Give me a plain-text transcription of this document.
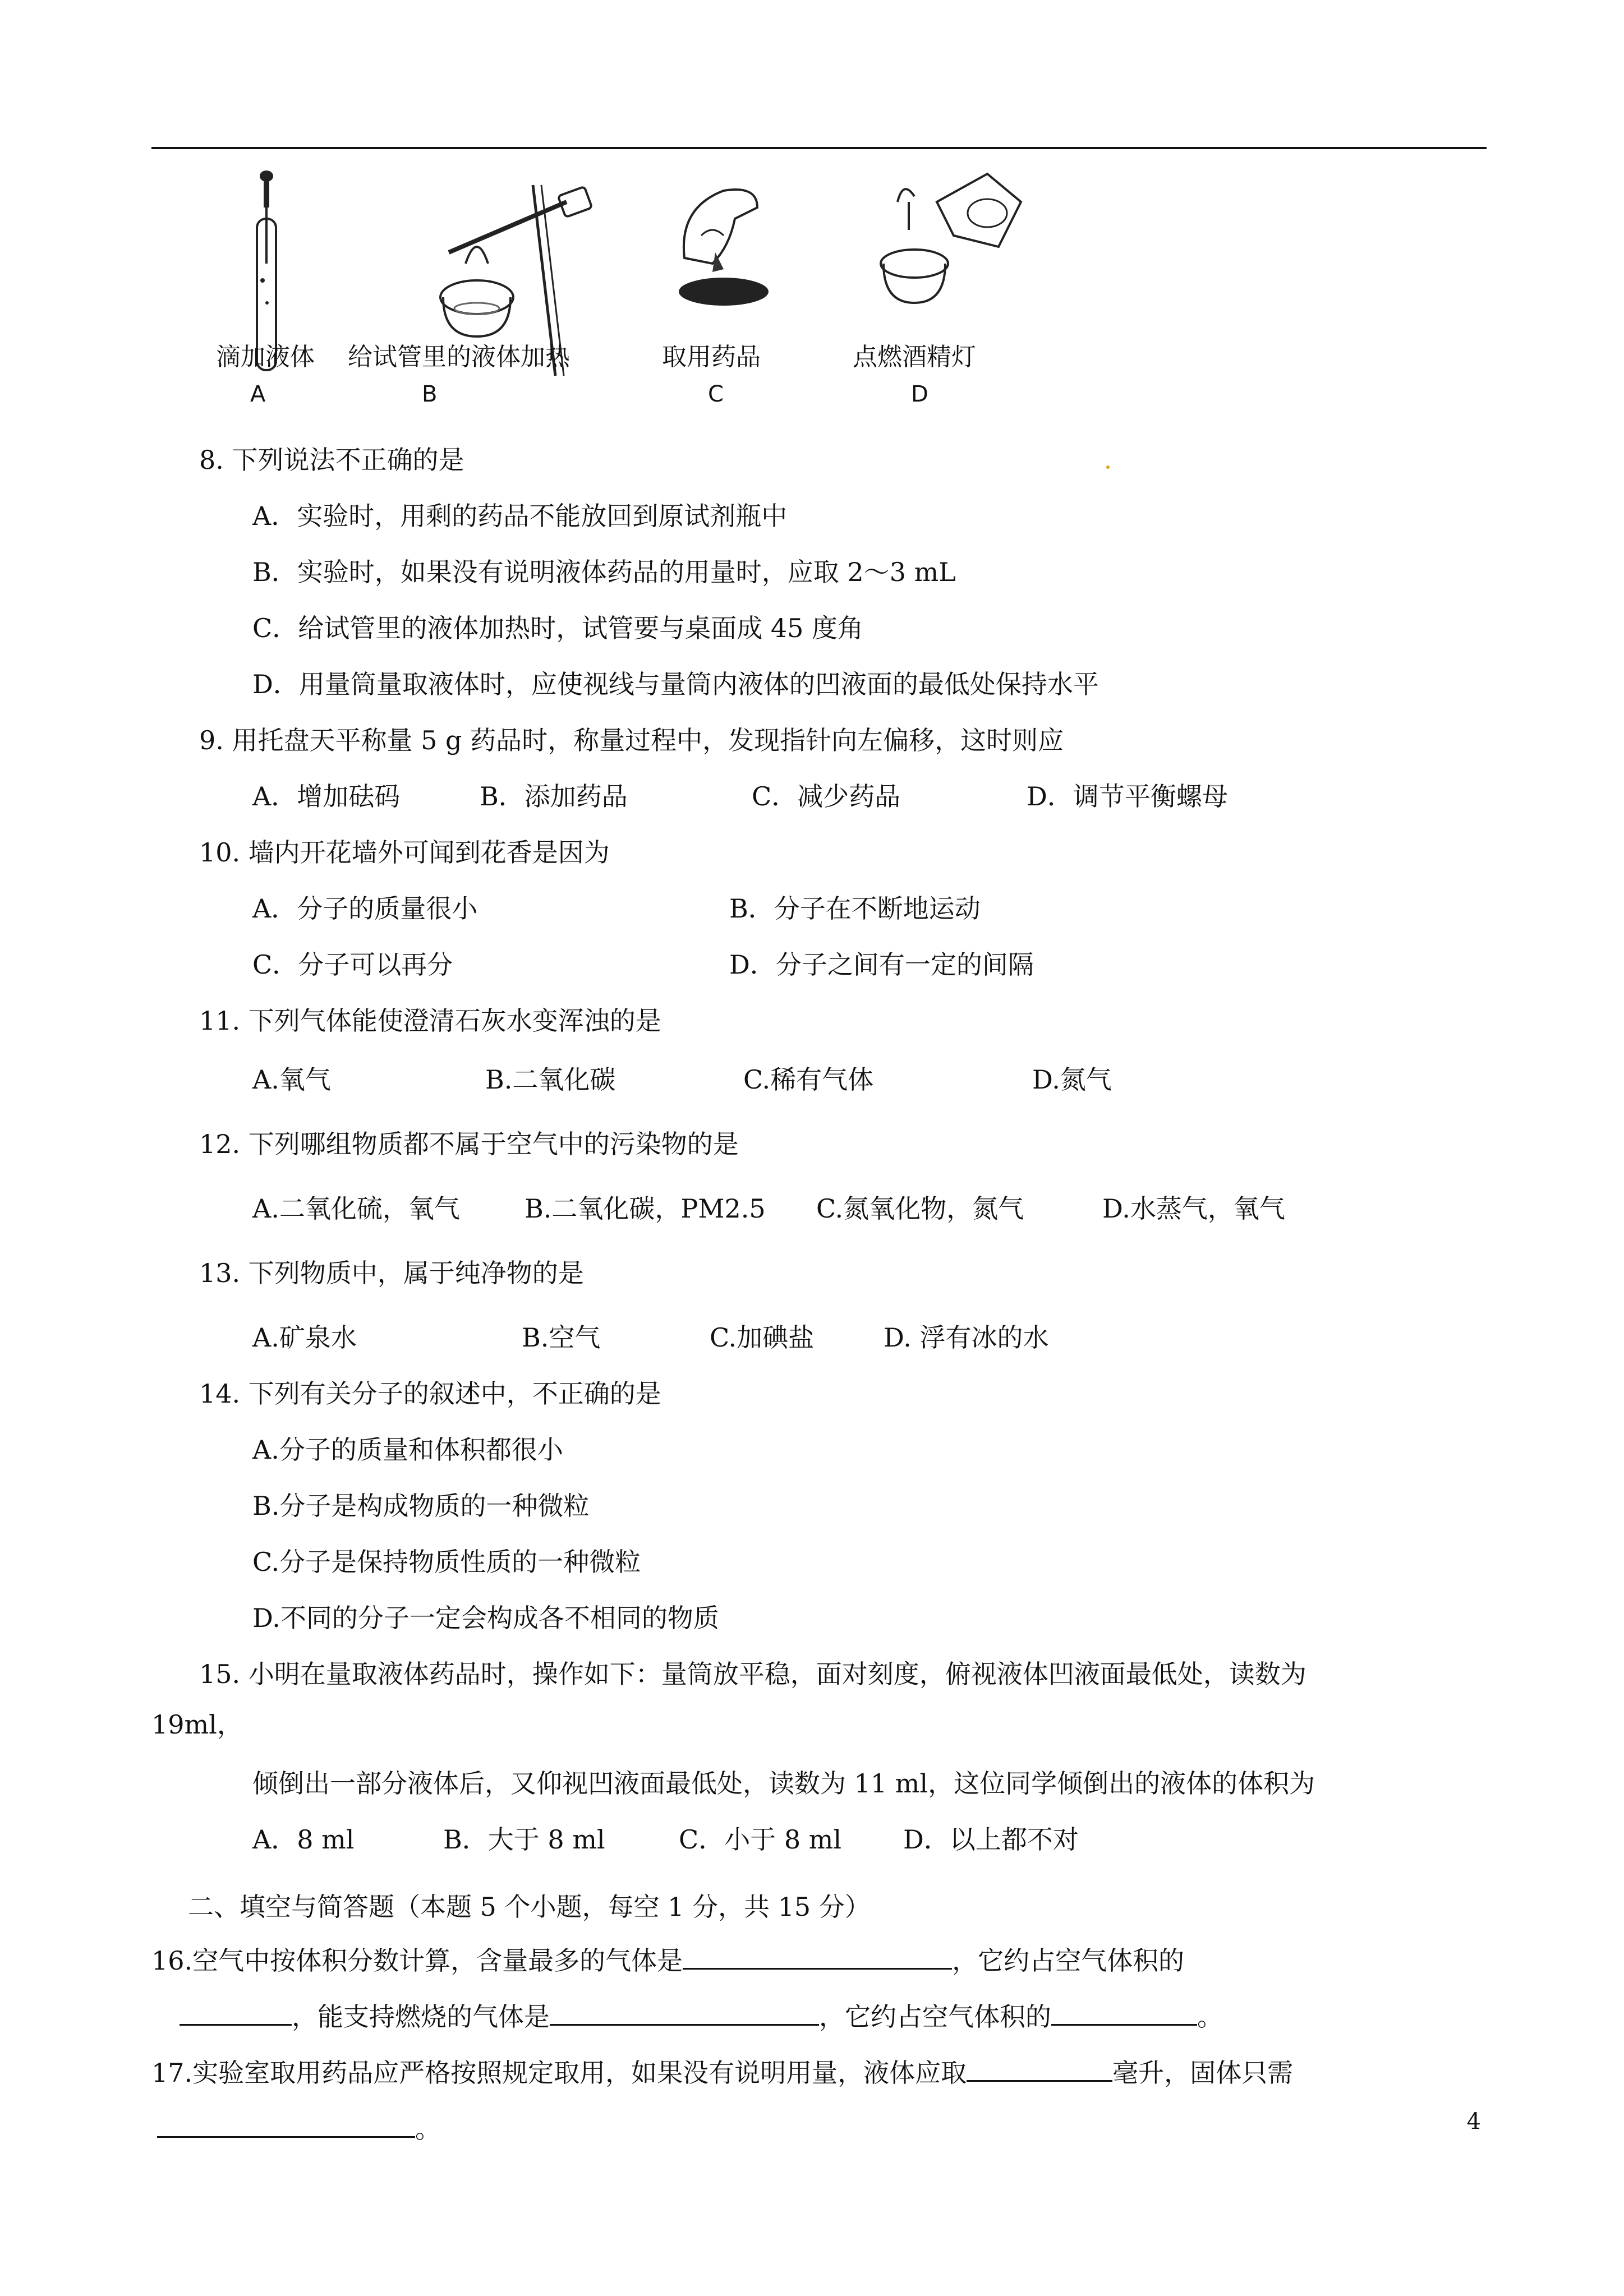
滴加液体 给试管里的液体加热	取用药品	点燃酒精灯
A	B	C	D
8. 下列说法不正确的是
A．实验时，用剩的药品不能放回到原试剂瓶中
B．实验时，如果没有说明液体药品的用量时，应取 2～3 mL
C．给试管里的液体加热时，试管要与桌面成 45 度角
D．用量筒量取液体时，应使视线与量筒内液体的凹液面的最低处保持水平
9. 用托盘天平称量 5 g 药品时，称量过程中，发现指针向左偏移，这时则应
A．增加砝码	B．添加药品	C．减少药品	D．调节平衡螺母
10. 墙内开花墙外可闻到花香是因为
A．分子的质量很小	B．分子在不断地运动
C．分子可以再分	D．分子之间有一定的间隔
11. 下列气体能使澄清石灰水变浑浊的是
A.氧气	B.二氧化碳	C.稀有气体	D.氮气
12. 下列哪组物质都不属于空气中的污染物的是
A.二氧化硫，氧气	B.二氧化碳，PM2.5 C.氮氧化物，氮气	D.水蒸气，氧气
13. 下列物质中，属于纯净物的是
A.矿泉水	B.空气	C.加碘盐	D. 浮有冰的水
14. 下列有关分子的叙述中，不正确的是
A.分子的质量和体积都很小
B.分子是构成物质的一种微粒
C.分子是保持物质性质的一种微粒
D.不同的分子一定会构成各不相同的物质
15. 小明在量取液体药品时，操作如下：量筒放平稳，面对刻度，俯视液体凹液面最低处，读数为
19ml，
倾倒出一部分液体后，又仰视凹液面最低处，读数为 11 ml，这位同学倾倒出的液体的体积为
A．8 ml	B．大于 8 ml	C．小于 8 ml D．以上都不对
二、填空与简答题（本题 5 个小题，每空 1 分，共 15 分）
16.空气中按体积分数计算，含量最多的气体是	，它约占空气体积的
，能支持燃烧的气体是	，它约占空气体积的	。
17.实验室取用药品应严格按照规定取用，如果没有说明用量，液体应取	毫升，固体只需
。	4
